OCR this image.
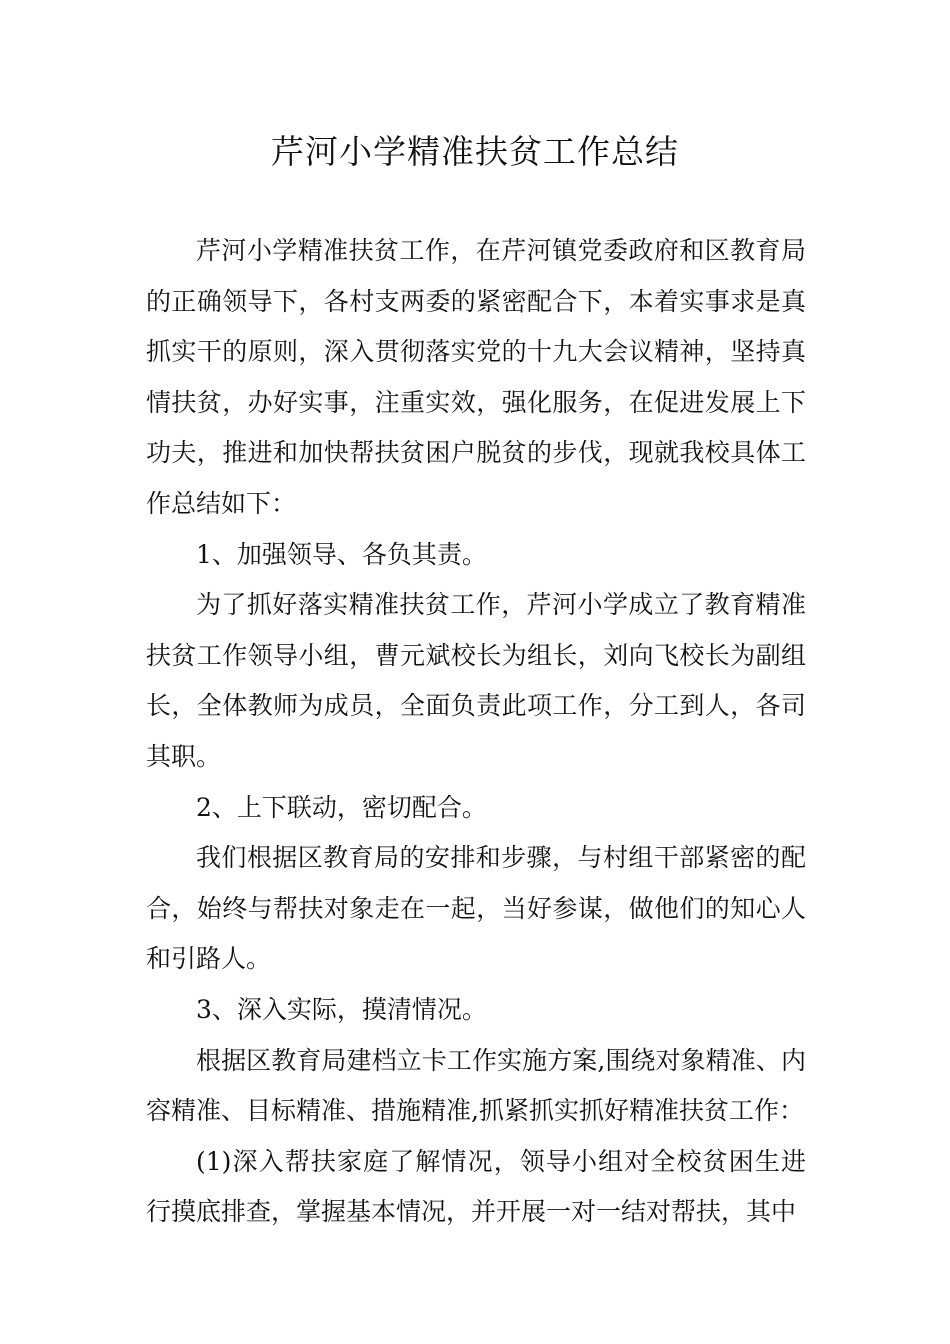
芹河小学精准扶贫工作总结

芹河小学精准扶贫工作，在芹河镇党委政府和区教育局的正确领导下，各村支两委的紧密配合下，本着实事求是真抓实干的原则，深入贯彻落实党的十九大会议精神，坚持真情扶贫，办好实事，注重实效，强化服务，在促进发展上下功夫，推进和加快帮扶贫困户脱贫的步伐，现就我校具体工作总结如下：

1、加强领导、各负其责。

为了抓好落实精准扶贫工作，芹河小学成立了教育精准扶贫工作领导小组，曹元斌校长为组长，刘向飞校长为副组长，全体教师为成员，全面负责此项工作，分工到人，各司其职。

2、上下联动，密切配合。

我们根据区教育局的安排和步骤，与村组干部紧密的配合，始终与帮扶对象走在一起，当好参谋，做他们的知心人和引路人。

3、深入实际，摸清情况。

根据区教育局建档立卡工作实施方案,围绕对象精准、内容精准、目标精准、措施精准,抓紧抓实抓好精准扶贫工作：

(1)深入帮扶家庭了解情况，领导小组对全校贫困生进行摸底排查，掌握基本情况，并开展一对一结对帮扶，其中
